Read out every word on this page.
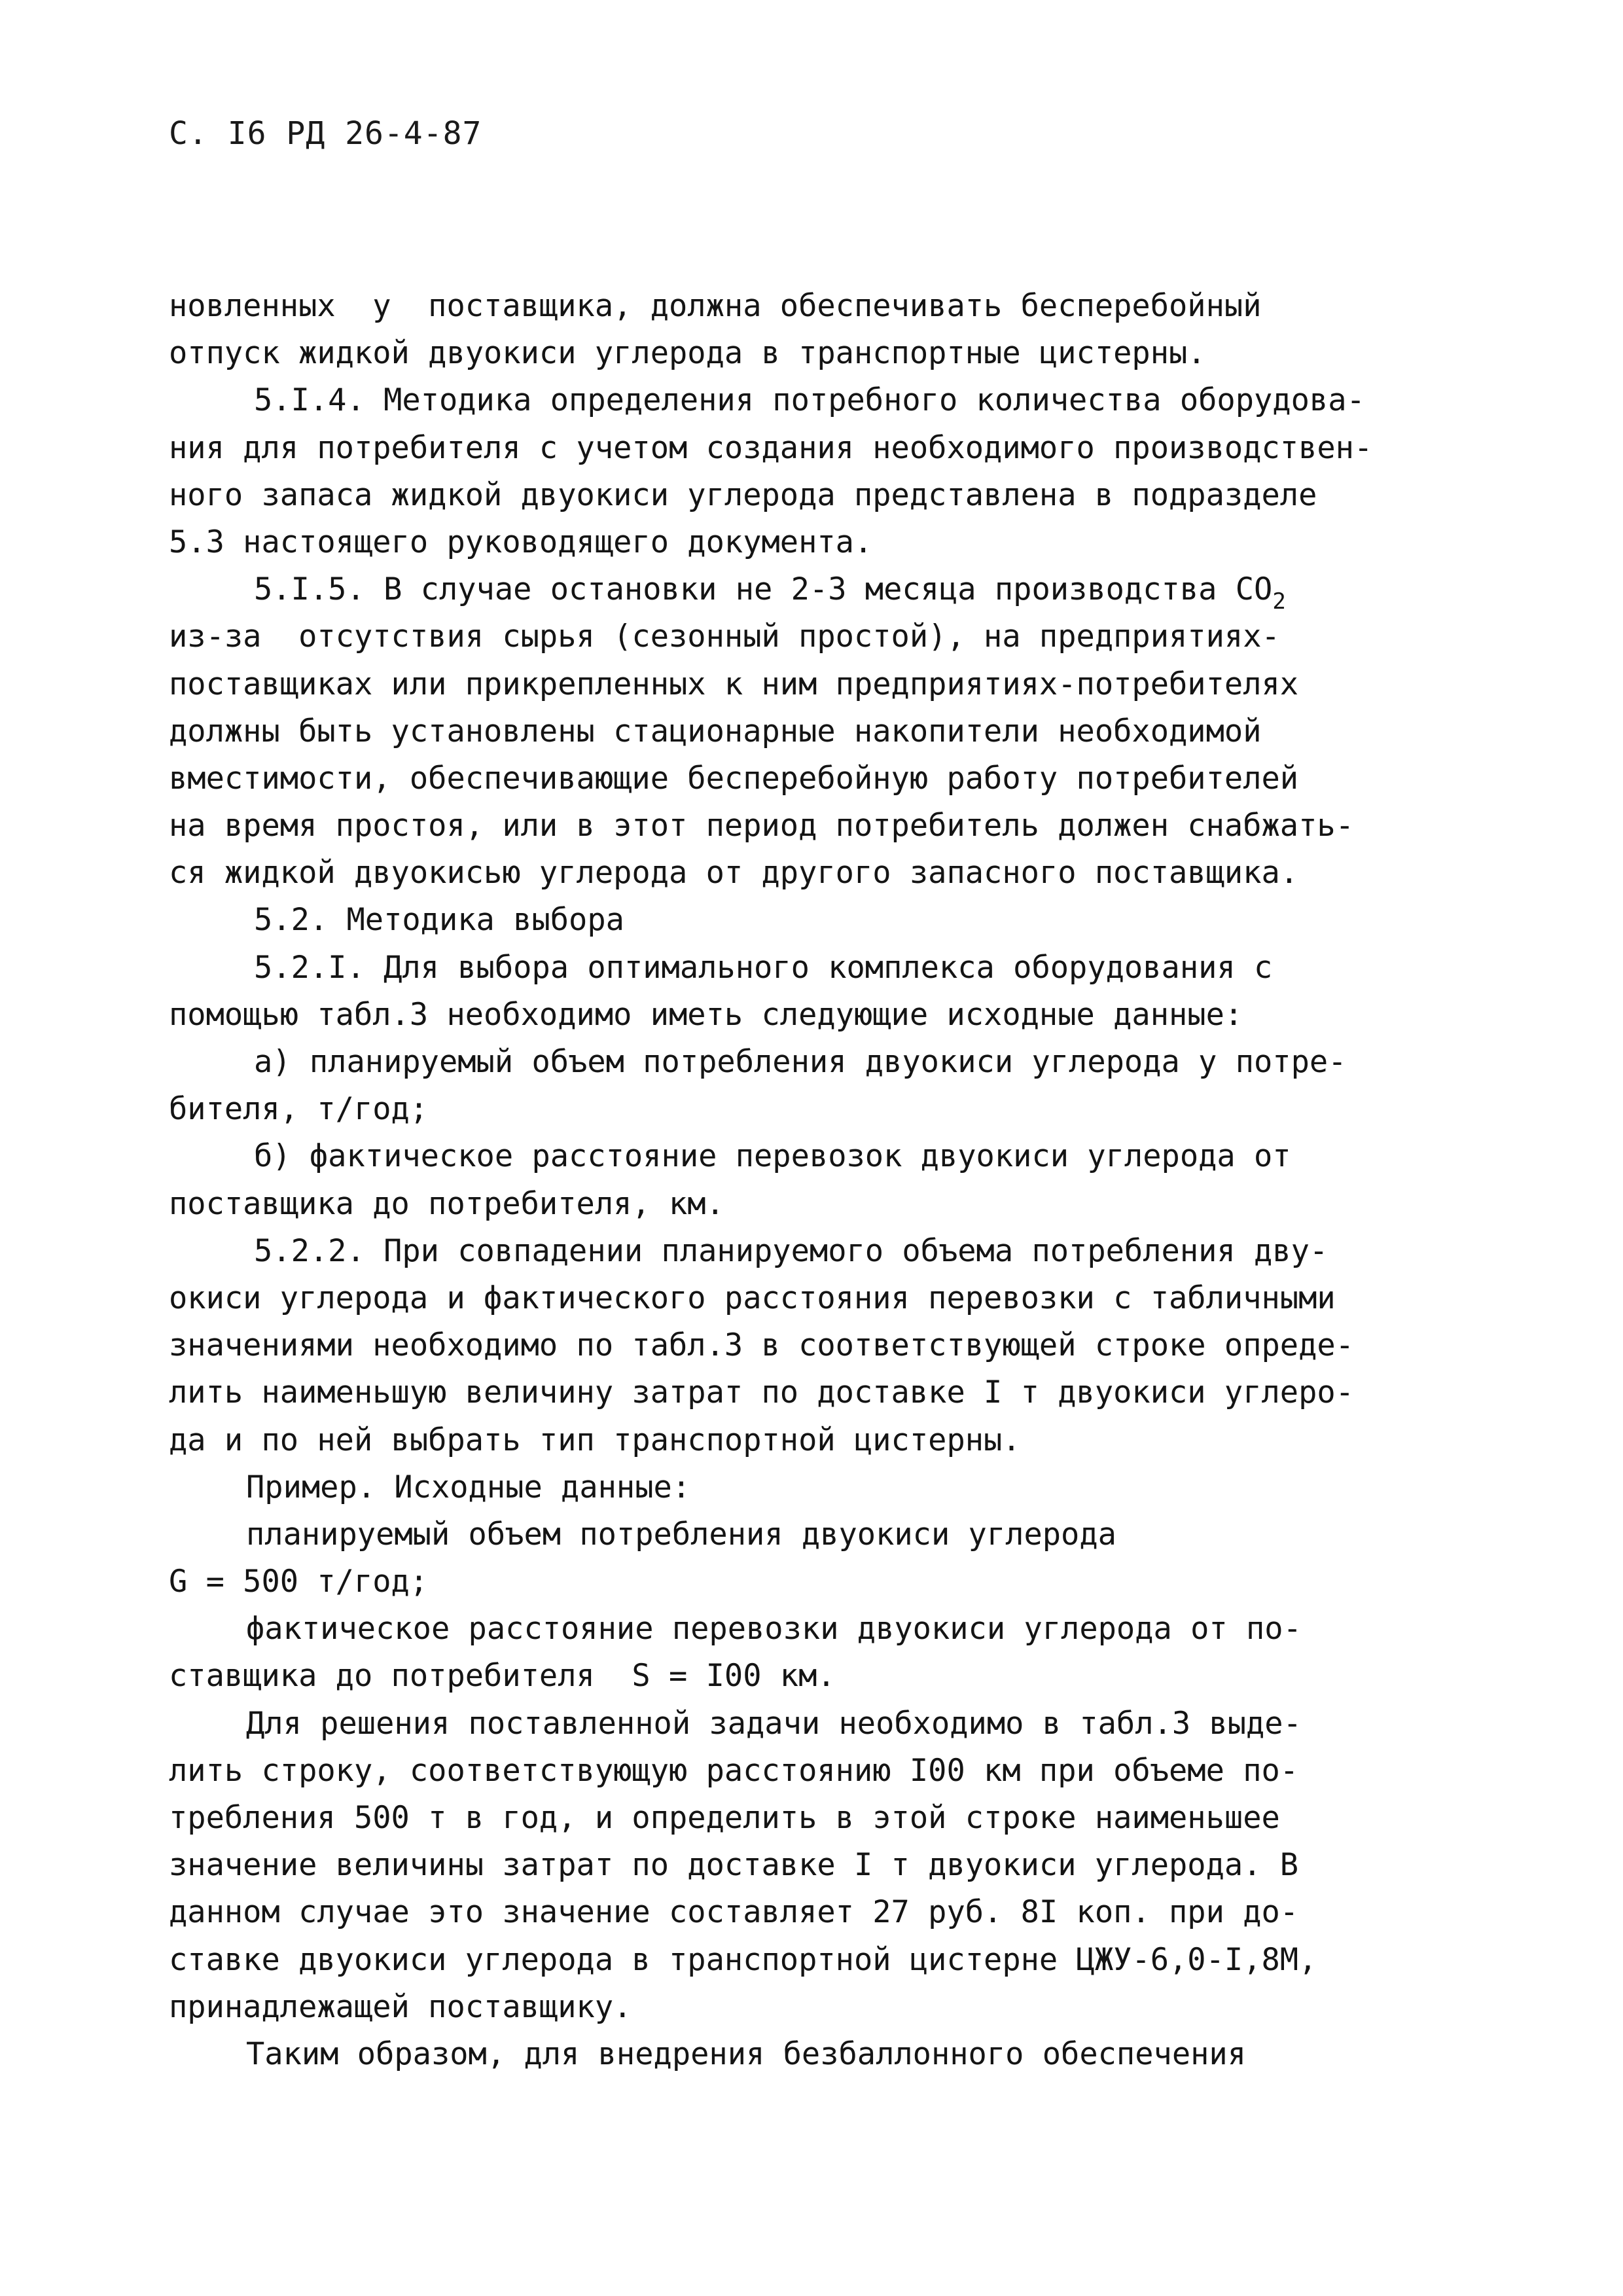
С. I6 РД 26-4-87
новленных  у  поставщика, должна обеспечивать бесперебойный
отпуск жидкой двуокиси углерода в транспортные цистерны.
5.I.4. Методика определения потребного количества оборудова-
ния для потребителя с учетом создания необходимого производствен-
ного запаса жидкой двуокиси углерода представлена в подразделе
5.3 настоящего руководящего документа.
5.I.5. В случае остановки не 2-3 месяца производства $CO_2$
из-за  отсутствия сырья (сезонный простой), на предприятиях-
поставщиках или прикрепленных к ним предприятиях-потребителях
должны быть установлены стационарные накопители необходимой
вместимости, обеспечивающие бесперебойную работу потребителей
на время простоя, или в этот период потребитель должен снабжать-
ся жидкой двуокисью углерода от другого запасного поставщика.
5.2. Методика выбора
5.2.I. Для выбора оптимального комплекса оборудования с
помощью табл.3 необходимо иметь следующие исходные данные:
а) планируемый объем потребления двуокиси углерода у потре-
бителя, т/год;
б) фактическое расстояние перевозок двуокиси углерода от
поставщика до потребителя, км.
5.2.2. При совпадении планируемого объема потребления дву-
окиси углерода и фактического расстояния перевозки с табличными
значениями необходимо по табл.3 в соответствующей строке опреде-
лить наименьшую величину затрат по доставке I т двуокиси углеро-
да и по ней выбрать тип транспортной цистерны.
Пример. Исходные данные:
планируемый объем потребления двуокиси углерода
G = 500 т/год;
фактическое расстояние перевозки двуокиси углерода от по-
ставщика до потребителя  S = I00 км.
Для решения поставленной задачи необходимо в табл.3 выде-
лить строку, соответствующую расстоянию I00 км при объеме по-
требления 500 т в год, и определить в этой строке наименьшее
значение величины затрат по доставке I т двуокиси углерода. В
данном случае это значение составляет 27 руб. 8I коп. при до-
ставке двуокиси углерода в транспортной цистерне ЦЖУ-6,0-I,8М,
принадлежащей поставщику.
Таким образом, для внедрения безбаллонного обеспечения
